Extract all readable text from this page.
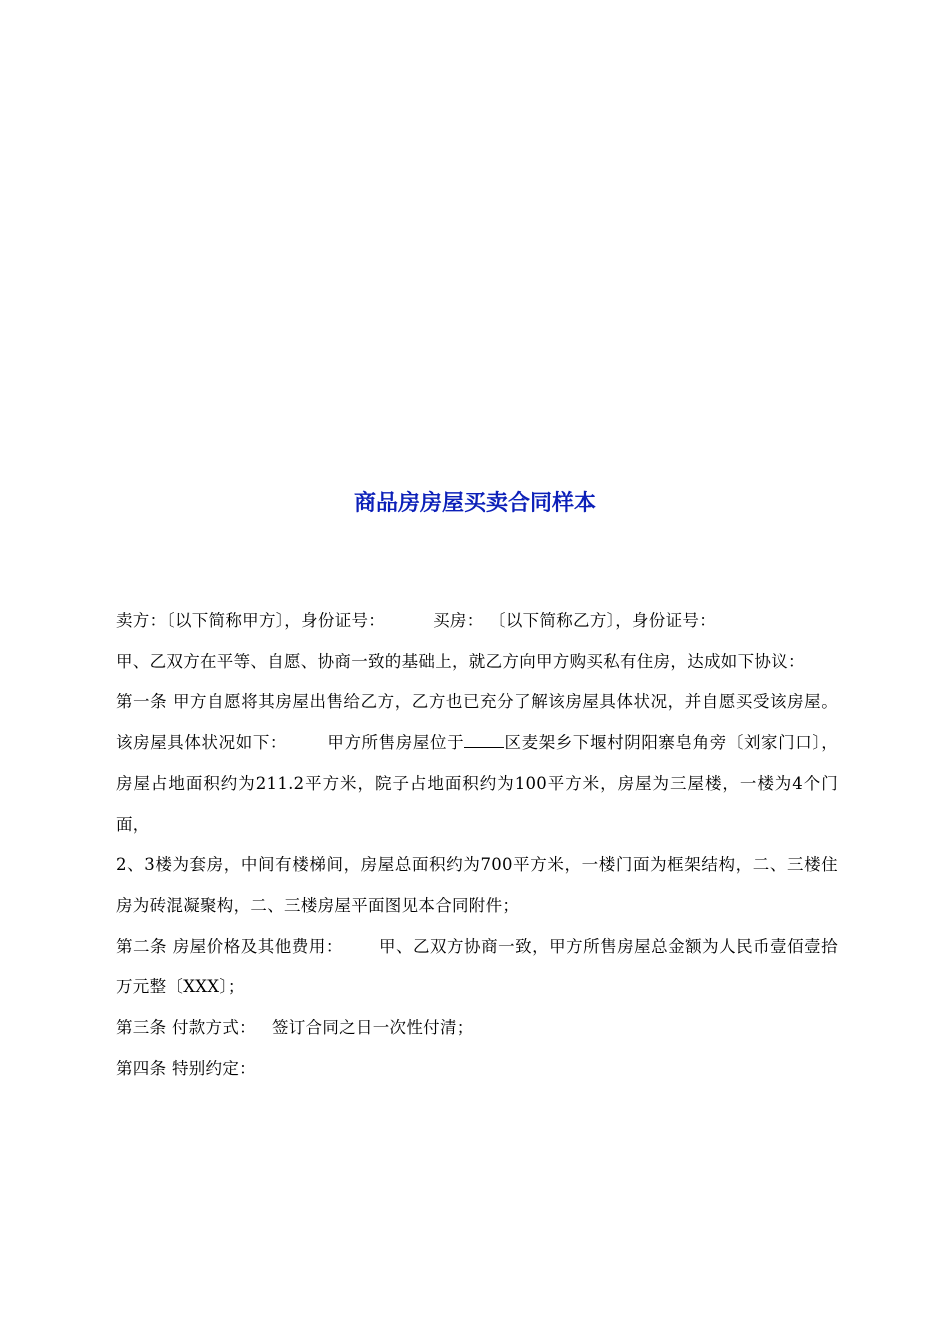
商品房房屋买卖合同样本

卖方：〔以下简称甲方〕，身份证号：	买房： 〔以下简称乙方〕，身份证号：

甲、乙双方在平等、自愿、协商一致的基础上，就乙方向甲方购买私有住房，达成如下协议：

第一条 甲方自愿将其房屋出售给乙方，乙方也已充分了解该房屋具体状况，并自愿买受该房屋。该房屋具体状况如下： 甲方所售房屋位于 区麦架乡下堰村阴阳寨皂角旁〔刘家门口〕，房屋占地面积约为211.2平方米，院子占地面积约为100平方米，房屋为三屋楼，一楼为4个门面，

2、3楼为套房，中间有楼梯间，房屋总面积约为700平方米，一楼门面为框架结构，二、三楼住房为砖混凝聚构，二、三楼房屋平面图见本合同附件；

第二条 房屋价格及其他费用： 甲、乙双方协商一致，甲方所售房屋总金额为人民币壹佰壹拾万元整〔XXX〕；

第三条 付款方式： 签订合同之日一次性付清；

第四条 特别约定：
